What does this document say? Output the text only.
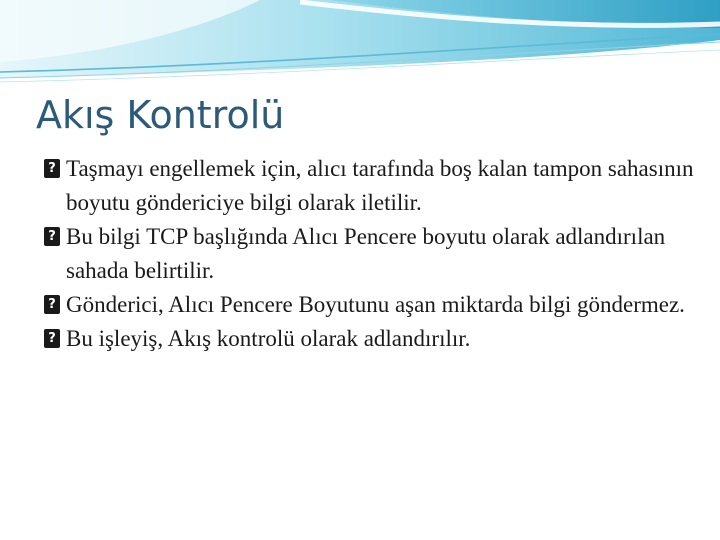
Akış Kontrolü
?
Taşmayı engellemek için, alıcı tarafında boş kalan tampon sahasının boyutu göndericiye bilgi olarak iletilir.
?
Bu bilgi TCP başlığında Alıcı Pencere boyutu olarak adlandırılan sahada belirtilir.
?
Gönderici, Alıcı Pencere Boyutunu aşan miktarda bilgi göndermez.
?
Bu işleyiş, Akış kontrolü olarak adlandırılır.
